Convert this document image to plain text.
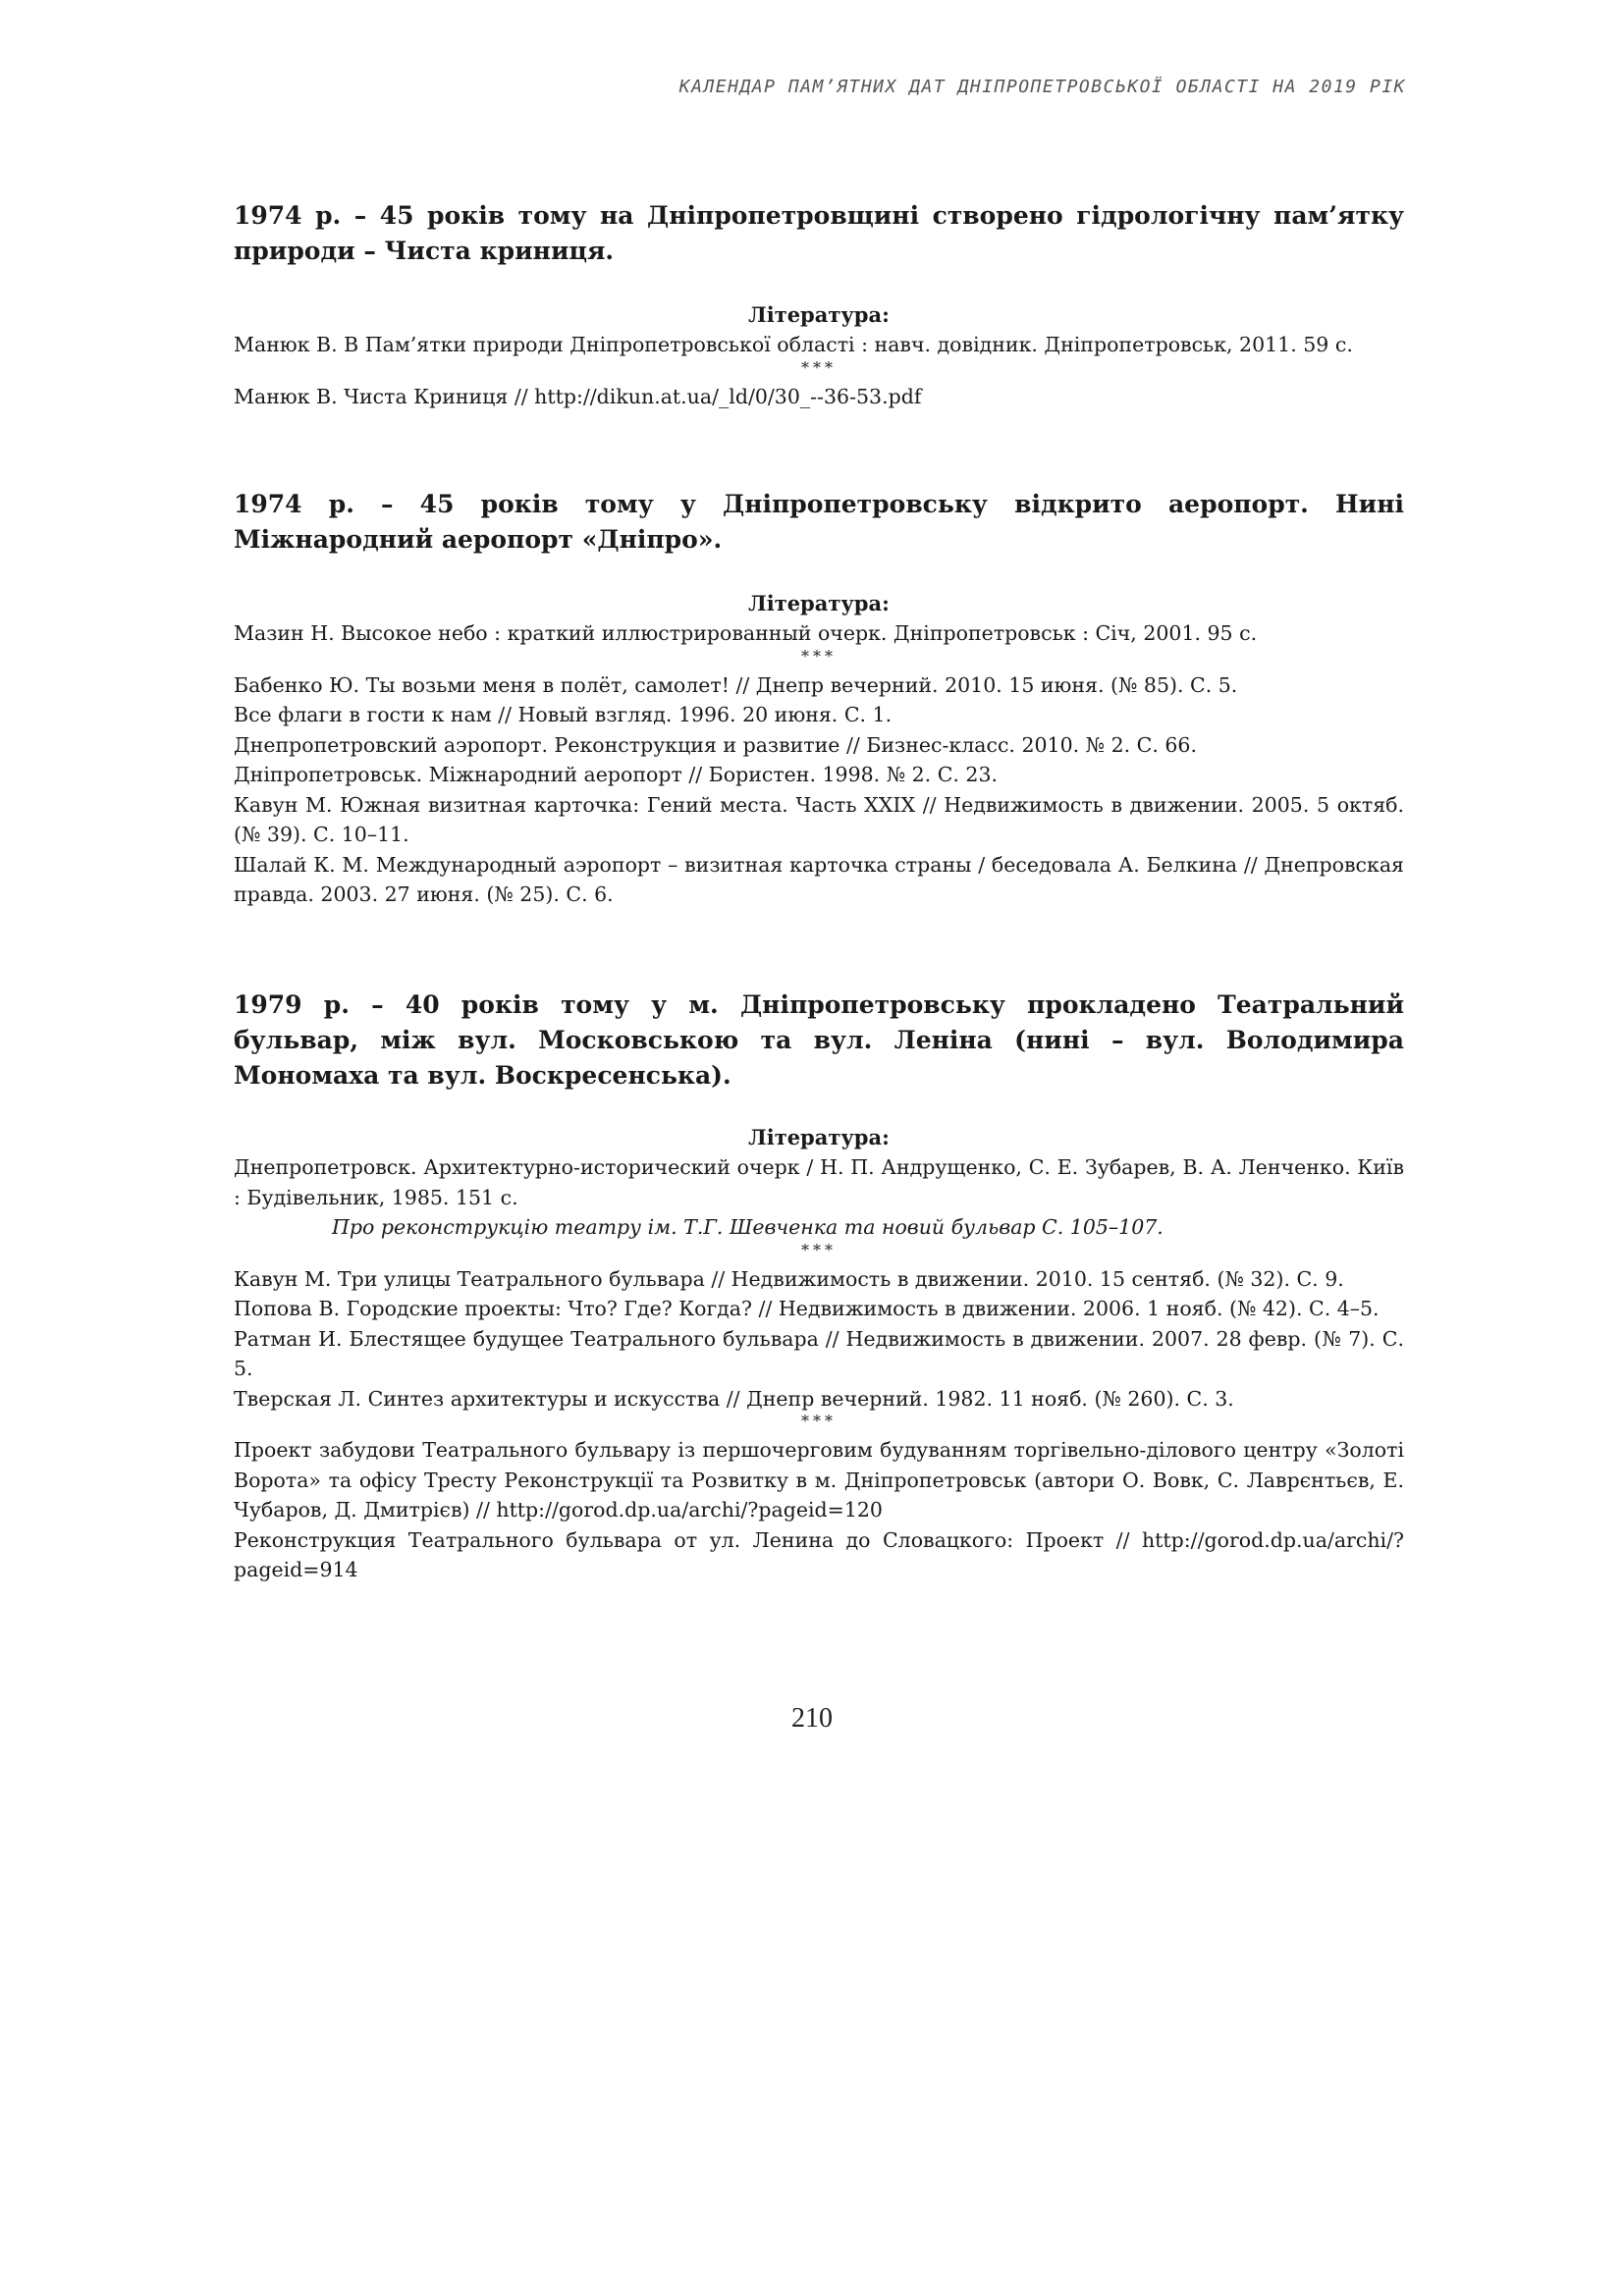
КАЛЕНДАР ПАМ’ЯТНИХ ДАТ ДНІПРОПЕТРОВСЬКОЇ ОБЛАСТІ НА 2019 РІК

1974 р. – 45 років тому на Дніпропетровщині створено гідрологічну пам’ятку природи – Чиста криниця.

Література:

Манюк В. В Пам’ятки природи Дніпропетровської області : навч. довідник. Дніпропетровськ, 2011. 59 с.

***

Манюк В. Чиста Криниця // http://dikun.at.ua/_ld/0/30_--36-53.pdf

1974 р. – 45 років тому у Дніпропетровську відкрито аеропорт. Нині Міжнародний аеропорт «Дніпро».

Література:

Мазин Н. Высокое небо : краткий иллюстрированный очерк. Дніпропетровськ : Січ, 2001. 95 с.

***

Бабенко Ю. Ты возьми меня в полёт, самолет! // Днепр вечерний. 2010. 15 июня. (№ 85). С. 5.

Все флаги в гости к нам // Новый взгляд. 1996. 20 июня. С. 1.

Днепропетровский аэропорт. Реконструкция и развитие // Бизнес-класс. 2010. № 2. С. 66.

Дніпропетровськ. Міжнародний аеропорт // Бористен. 1998. № 2. С. 23.

Кавун М. Южная визитная карточка: Гений места. Часть XXIX // Недвижимость в движении. 2005. 5 октяб. (№ 39). С. 10–11.

Шалай К. М. Международный аэропорт – визитная карточка страны / беседовала А. Белкина // Днепровская правда. 2003. 27 июня. (№ 25). С. 6.

1979 р. – 40 років тому у м. Дніпропетровську прокладено Театральний бульвар, між вул. Московською та вул. Леніна (нині – вул. Володимира Мономаха та вул. Воскресенська).

Література:

Днепропетровск. Архитектурно-исторический очерк / Н. П. Андрущенко, С. Е. Зубарев, В. А. Ленченко. Київ : Будівельник, 1985. 151 с.

Про реконструкцію театру ім. Т.Г. Шевченка та новий бульвар С. 105–107.

***

Кавун М. Три улицы Театрального бульвара // Недвижимость в движении. 2010. 15 сентяб. (№ 32). С. 9.

Попова В. Городские проекты: Что? Где? Когда? // Недвижимость в движении. 2006. 1 нояб. (№ 42). С. 4–5.

Ратман И. Блестящее будущее Театрального бульвара // Недвижимость в движении. 2007. 28 февр. (№ 7). С. 5.

Тверская Л. Синтез архитектуры и искусства // Днепр вечерний. 1982. 11 нояб. (№ 260). С. 3.

***

Проект забудови Театрального бульвару із першочерговим будуванням торгівельно-ділового центру «Золоті Ворота» та офісу Тресту Реконструкції та Розвитку в м. Дніпропетровськ (автори О. Вовк, С. Лаврєнтьєв, Е. Чубаров, Д. Дмитрієв) // http://gorod.dp.ua/archi/?pageid=120

Реконструкция Театрального бульвара от ул. Ленина до Словацкого: Проект // http://gorod.dp.ua/archi/?pageid=914

210
